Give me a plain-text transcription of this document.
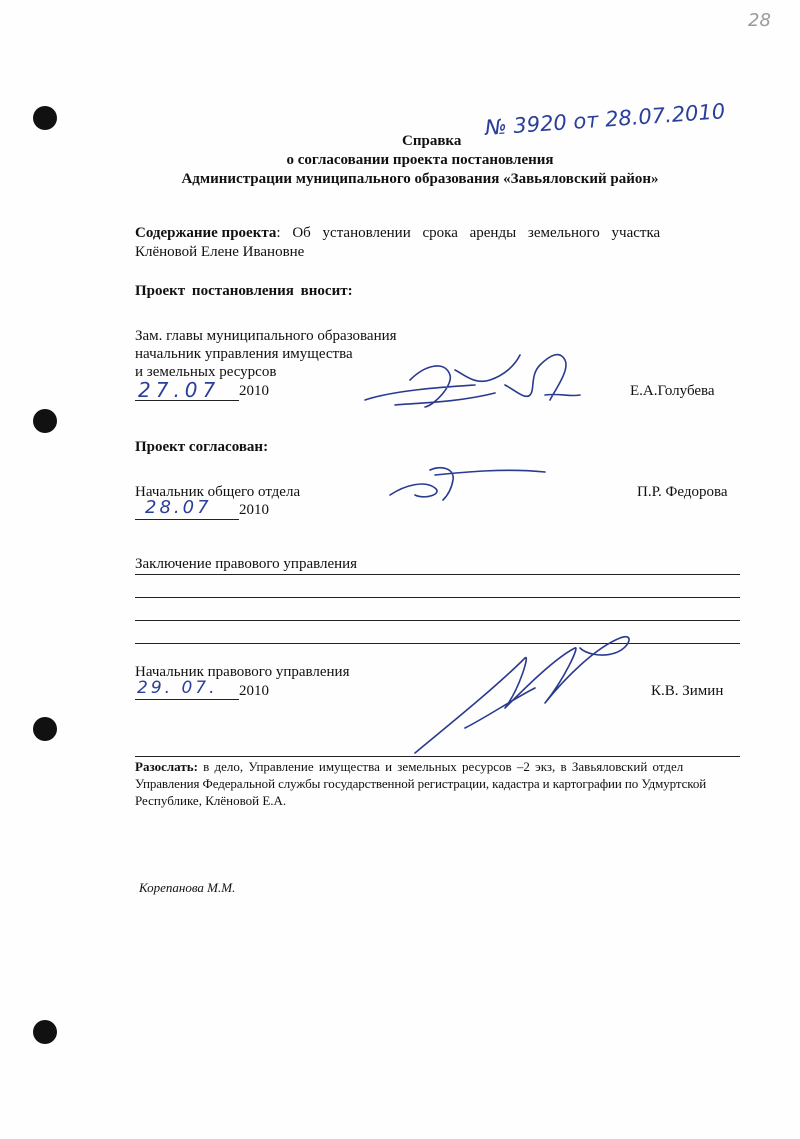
28
Справка
№ 3920 от 28.07.2010
о согласовании проекта постановления
Администрации муниципального образования «Завьяловский район»
Содержание проекта: Об установлении срока аренды земельного участка
Клёновой Елене Ивановне
Проект постановления вносит:
Зам. главы муниципального образования
начальник управления имущества
и земельных ресурсов
27.07 2010	Е.А.Голубева
Проект согласован:
Начальник общего отдела
28.07 2010
П.Р. Федорова
Заключение правового управления
Начальник правового управления
29. 07. 2010	К.В. Зимин
Разослать: в дело, Управление имущества и земельных ресурсов –2 экз, в Завьяловский отдел
Управления Федеральной службы государственной регистрации, кадастра и картографии по Удмуртской
Республике, Клёновой Е.А.
Корепанова М.М.
